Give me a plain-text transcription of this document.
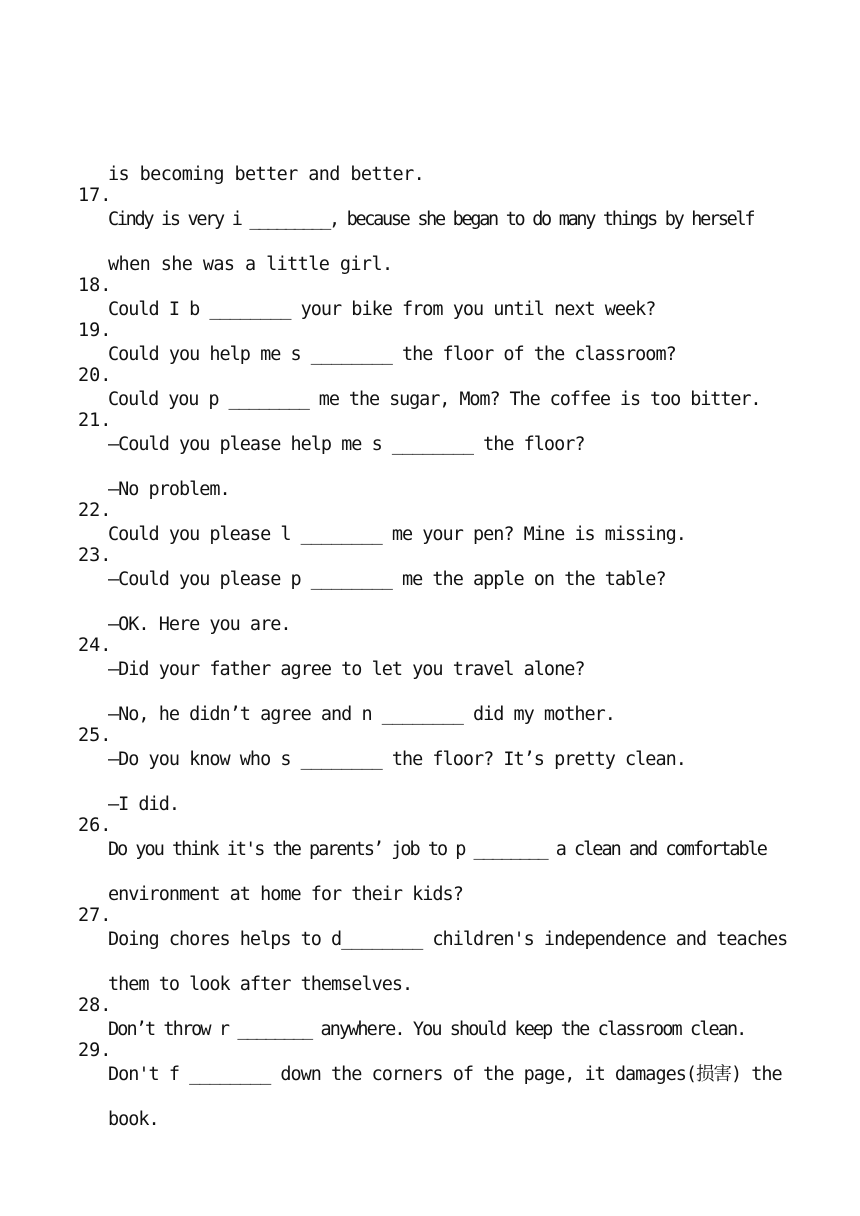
is becoming better and better.

17.

Cindy is very i _________, because she began to do many things by herself

when she was a little girl.

18.

Could I b ________ your bike from you until next week?

19.

Could you help me s ________ the floor of the classroom?

20.

Could you p ________ me the sugar, Mom? The coffee is too bitter.

21.

—Could you please help me s ________ the floor?

—No problem.

22.

Could you please l ________ me your pen? Mine is missing.

23.

—Could you please p ________ me the apple on the table?

—OK. Here you are.

24.

—Did your father agree to let you travel alone?

—No, he didn’t agree and n ________ did my mother.

25.

—Do you know who s ________ the floor? It’s pretty clean.

—I did.

26.

Do you think it's the parents’ job to p ________ a clean and comfortable

environment at home for their kids?

27.

Doing chores helps to d________ children's independence and teaches

them to look after themselves.

28.

Don’t throw r ________ anywhere. You should keep the classroom clean.

29.

Don't f ________ down the corners of the page, it damages(损害) the

book.
